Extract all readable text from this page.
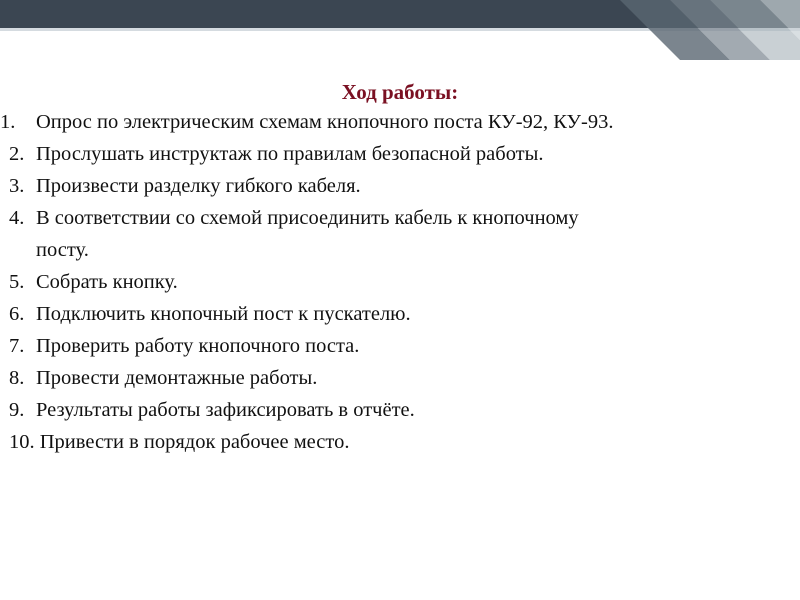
Ход работы:
1. Опрос по электрическим схемам кнопочного поста КУ-92, КУ-93.
2. Прослушать инструктаж по правилам безопасной работы.
3. Произвести разделку гибкого кабеля.
4. В соответствии со схемой присоединить кабель к кнопочному
посту.
5. Собрать кнопку.
6. Подключить кнопочный пост к пускателю.
7. Проверить работу кнопочного поста.
8. Провести демонтажные работы.
9. Результаты работы зафиксировать в отчёте.
10. Привести в порядок рабочее место.
